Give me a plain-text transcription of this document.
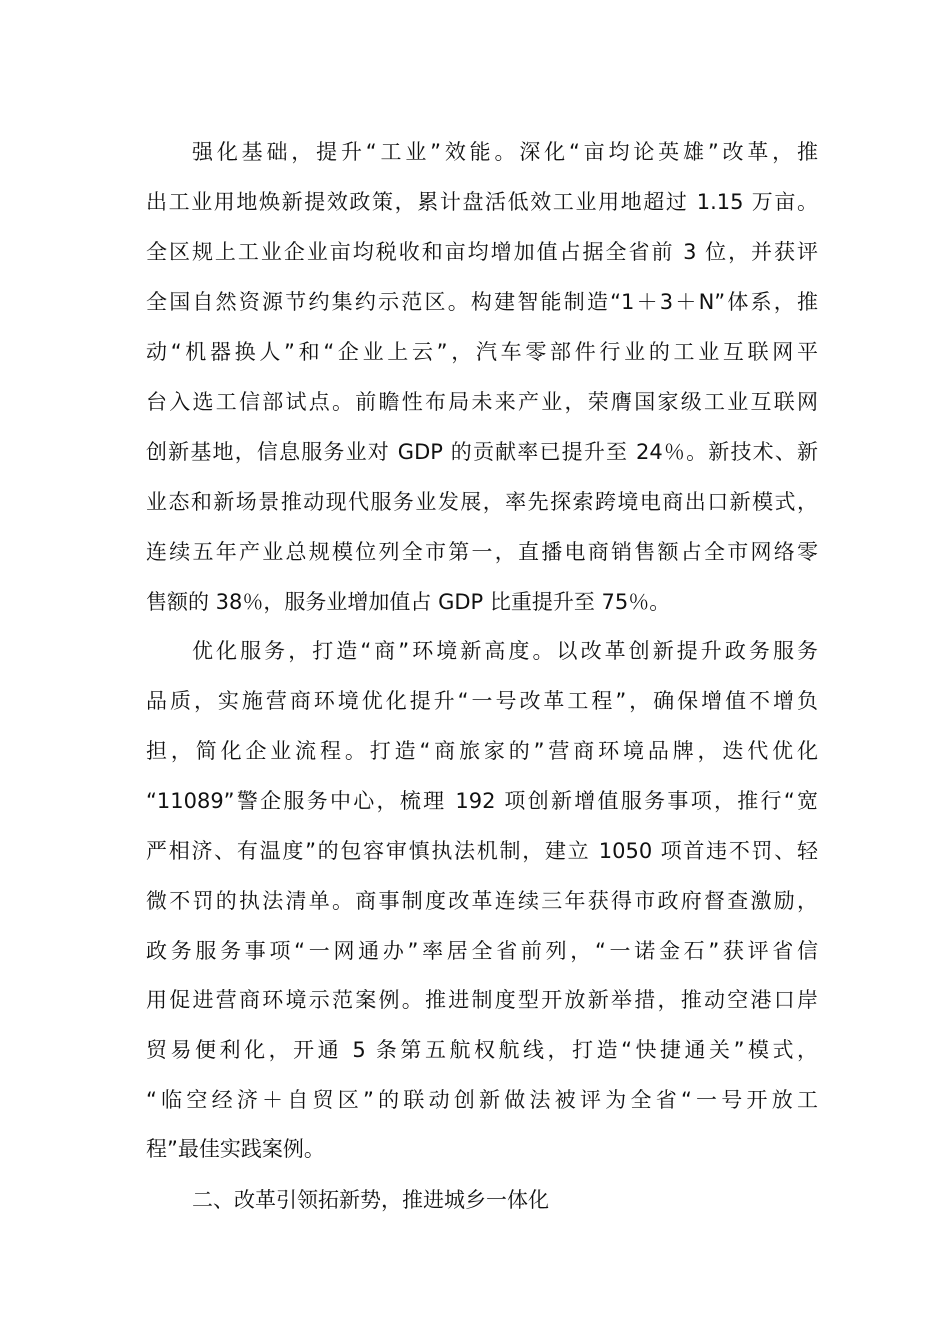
强化基础，提升“工业”效能。深化“亩均论英雄”改革，推
出工业用地焕新提效政策，累计盘活低效工业用地超过 1.15 万亩。
全区规上工业企业亩均税收和亩均增加值占据全省前 3 位，并获评
全国自然资源节约集约示范区。构建智能制造“1＋3＋N”体系，推
动“机器换人”和“企业上云”，汽车零部件行业的工业互联网平
台入选工信部试点。前瞻性布局未来产业，荣膺国家级工业互联网
创新基地，信息服务业对 GDP 的贡献率已提升至 24％。新技术、新
业态和新场景推动现代服务业发展，率先探索跨境电商出口新模式，
连续五年产业总规模位列全市第一，直播电商销售额占全市网络零
售额的 38％，服务业增加值占 GDP 比重提升至 75％。
优化服务，打造“商”环境新高度。以改革创新提升政务服务
品质，实施营商环境优化提升“一号改革工程”，确保增值不增负
担，简化企业流程。打造“商旅家的”营商环境品牌，迭代优化
“11089”警企服务中心，梳理 192 项创新增值服务事项，推行“宽
严相济、有温度”的包容审慎执法机制，建立 1050 项首违不罚、轻
微不罚的执法清单。商事制度改革连续三年获得市政府督查激励，
政务服务事项“一网通办”率居全省前列，“一诺金石”获评省信
用促进营商环境示范案例。推进制度型开放新举措，推动空港口岸
贸易便利化，开通 5 条第五航权航线，打造“快捷通关”模式，
“临空经济＋自贸区”的联动创新做法被评为全省“一号开放工
程”最佳实践案例。
二、改革引领拓新势，推进城乡一体化
